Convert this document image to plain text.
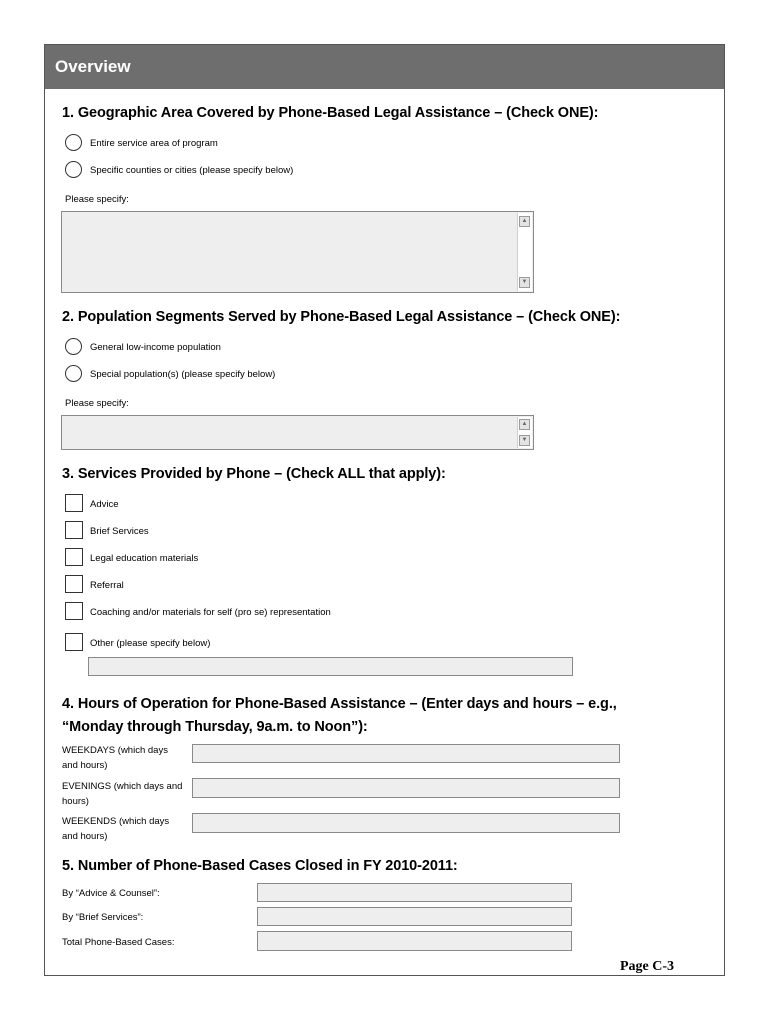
Overview
1. Geographic Area Covered by Phone-Based Legal Assistance – (Check ONE):
Entire service area of program
Specific counties or cities (please specify below)
Please specify:
▲
▼
2. Population Segments Served by Phone-Based Legal Assistance – (Check ONE):
General low-income population
Special population(s) (please specify below)
Please specify:
▲
▼
3. Services Provided by Phone – (Check ALL that apply):
Advice
Brief Services
Legal education materials
Referral
Coaching and/or materials for self (pro se) representation
Other (please specify below)
4. Hours of Operation for Phone-Based Assistance – (Enter days and hours – e.g.,
“Monday through Thursday, 9a.m. to Noon”):
WEEKDAYS (which days
and hours)
EVENINGS (which days and
hours)
WEEKENDS (which days
and hours)
5. Number of Phone-Based Cases Closed in FY 2010-2011:
By “Advice & Counsel”:
By “Brief Services”:
Total Phone-Based Cases:
Page C-3
